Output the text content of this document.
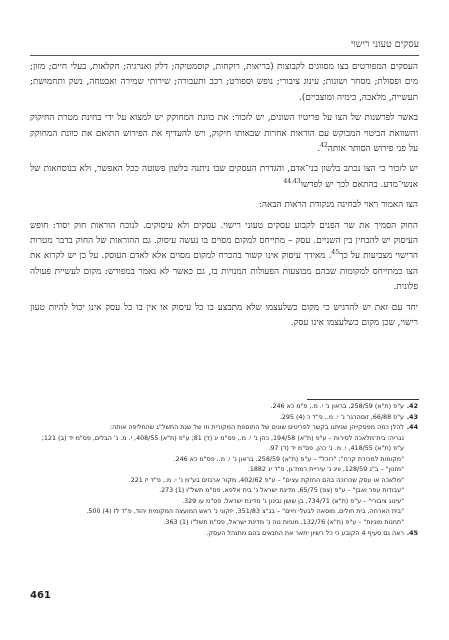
עסקים טעוני רישוי

העסקים המפורטים בצו מסווגים לקבוצות (בריאות, רוקחות, קוסמטיקה; דלק ואנרגיה; חקלאות, בעלי חיים; מזון; מים ופסולת; מסחר ושונות; עינוג ציבורי; נופש וספורט; רכב ותעבורה; שירותי שמירה ואבטחה, נשק ותחמושת; תעשייה, מלאכה, כימיה ומוצביים).

באשר לפרשנות של הצו על פריטיו השונים, יש לזכור: את כוונת המחוקק יש למצוא על ידי בחינת מטרת החיקוק והשוואת הביטוי המבוקש עם הוראות אחרות שבאותו חיקוק, ויש להעדיף את הפירוש התואם את כוונת המחוקק על פני פירוש הסותר אותה$^{42}$.

יש לזכור כי הצו נכתב בלשון בני־אדם, והגדרת העסקים שבו ניתנה בלשון פשוטה ככל האפשר, ולא בנוסחאות של אנשי־מדע. בהתאם לכך יש לפרשו$^{44.43}$

הצו האמור ראוי לבחינה מנקודת הראות הבאה:

החוק הסמיך את שר הפנים לקבוע עסקים טעוני רישוי. עסקים ולא עיסוקים. לנוכח הוראות חוק יסוד: חופש העיסוק יש להבחין בין השניים. עסק – מתייחס למקום מסוים בו נעשה עיסוק. גם ההוראות של החוק בדבר מטרות הרישוי מצביעות על כך$^{45}$. מאידך עיסוק אינו קשור בהכרח למקום מסוים אלא לאדם העוסק. על כן יש לקרוא את הצו כמתייחס למקומות שבהם מבוצעות הפעולות המנויות בו, גם כאשר לא נאמר במפורש: מקום לעשיית פעולה פלונית.

יחד עם זאת יש להדגיש כי מקום כשלעצמו שלא מתבצע בו כל עיסוק או אין בו כל עסק אינו יכול להיות טעון רישוי, שכן מקום כשלעצמו אינו עסק.

42.
ע"פ (ת"א) 258/59, בראון נ' י. מ., פ"מ כא 246.
43.
ע"פ 66/88, זוסהרגר נ' י. מ., פ"ד כ (4) 295.
44.
להלן כמה מפסקייהן שניתנו בקשר לפריטים שונים של התוספת המקורית וזו של שנת התשל"ג שהחליפה אותה:
נגריה: בית־מלאכה לסירות – ע"פ (ת"א) 194/58, כהן נ' י. מ., פס"מ יג (ד) 81; ע"פ (ת"א) 408/55, י. מ. נ' הבלים, פס"מ יד (ב) 121; ע"פ (ת"א) 418/55, י. מ. נ' כהן, פס"מ יד (ד) 97.
"מקומות למכירת קרח"; "רוכל" – ע"פ (ת"א) 258/59, בראון נ' י. מ., פס"מ כא 246.
"מזנון" – ב"ג 128/59, ווינ נ' עיריית רמת־גן, פ"ד יג 1882.
"מלאכה או עסק שכרוכה בהם החזקת עצים" – ע"פ 402/62, מקור ארגזים בע"מ נ' י. מ., פ"ד יז 221.
"עבודות עפר ואבן" – ע"פ (צפ) 65/75, מדינת ישראל נ' בית אלפא, פס"מ תשל"ו (1) 273.
"עינוג ציבורי" – ע"פ (ת"א) 734/71, בן שושן ובינון נ' מדינת ישראל, פס"מ עו 329.
"בית הארחה, בית חולים, מוסאה לבעלי חיים" – בג"צ 351/83, יזקוני נ' ראש המועצה המקומית יהוד, פ"ד לז (4) 500.
"תחנות מוניות" – ע"פ (ת"א) 132/76, מוניות נוה נ' מדינת ישראל, פס"מ תשל"ו (1) 363.
45.
ראה גם סעיף 4 הקובע כי כל רשיון יתאר את התנאים בהם מתנהל העסק.
461
